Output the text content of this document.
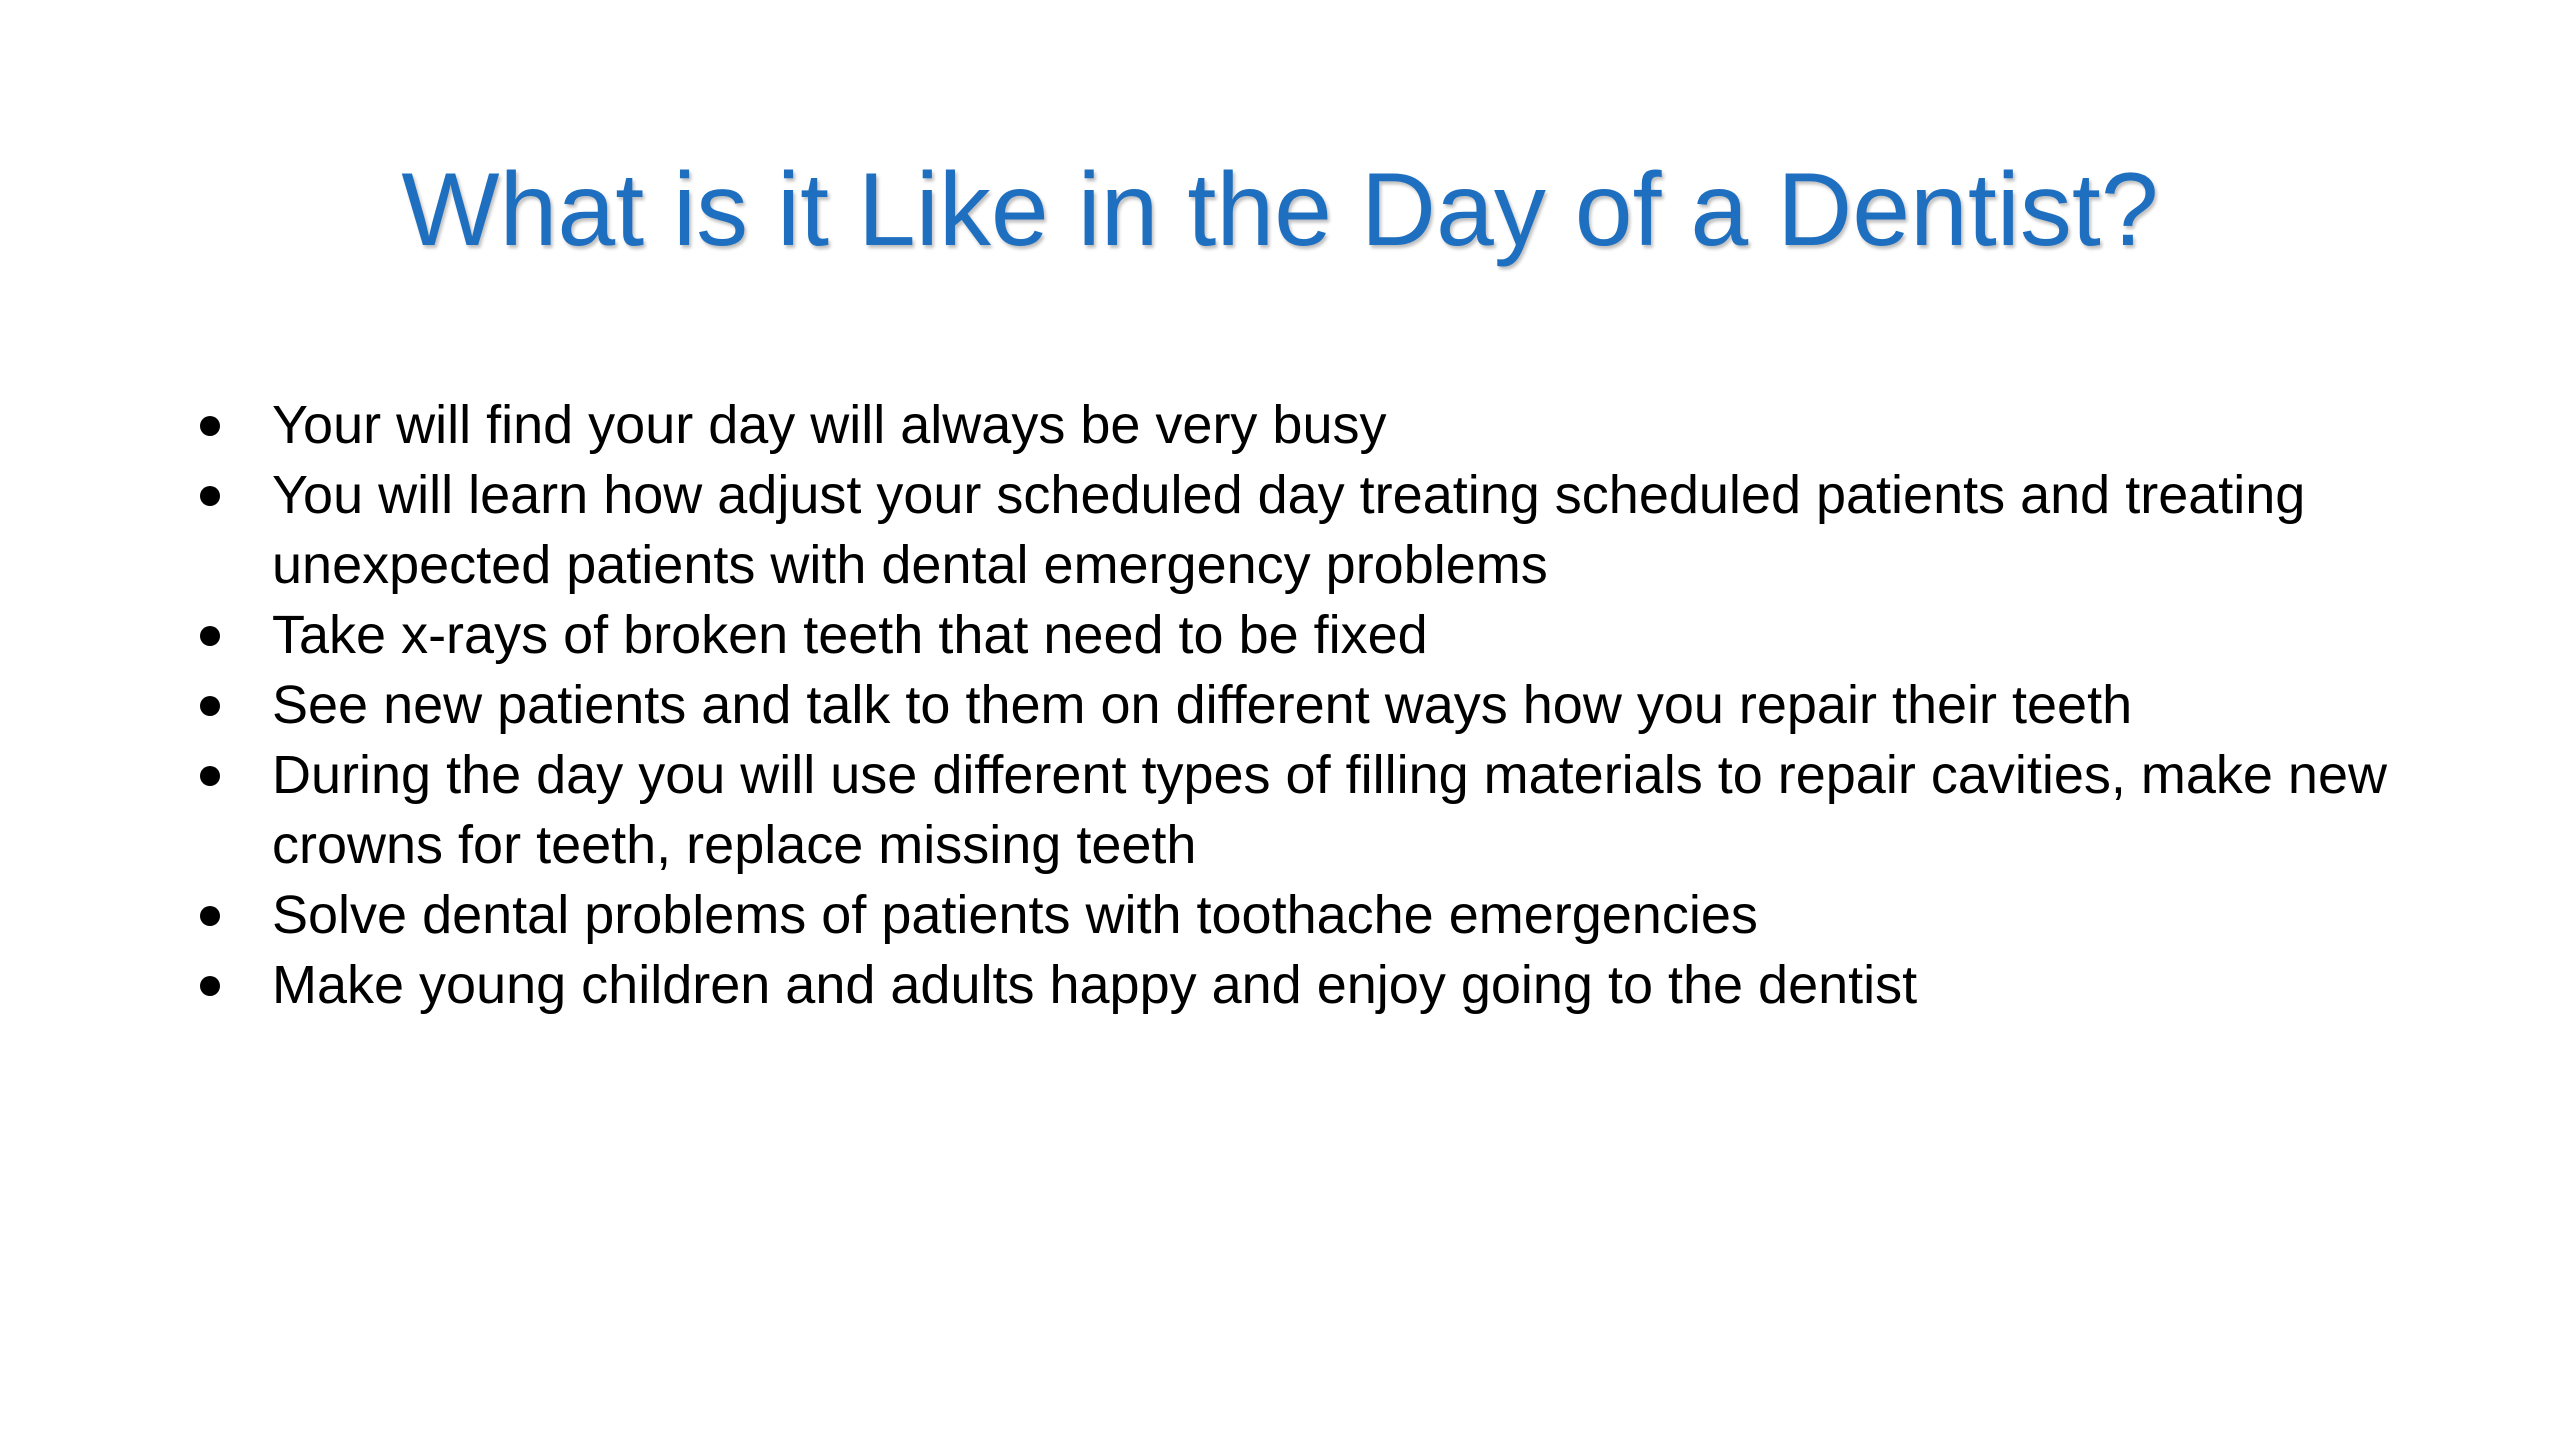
What is it Like in the Day of a Dentist?
Your will find your day will always be very busy
You will learn how adjust your scheduled day treating scheduled patients and treating unexpected patients with dental emergency problems
Take x-rays of broken teeth that need to be fixed
See new patients and talk to them on different ways how you repair their teeth
During the day you will use different types of filling materials to repair cavities, make new crowns for teeth, replace missing teeth
Solve dental problems of patients with toothache emergencies
Make young children and adults happy and enjoy going to the dentist
